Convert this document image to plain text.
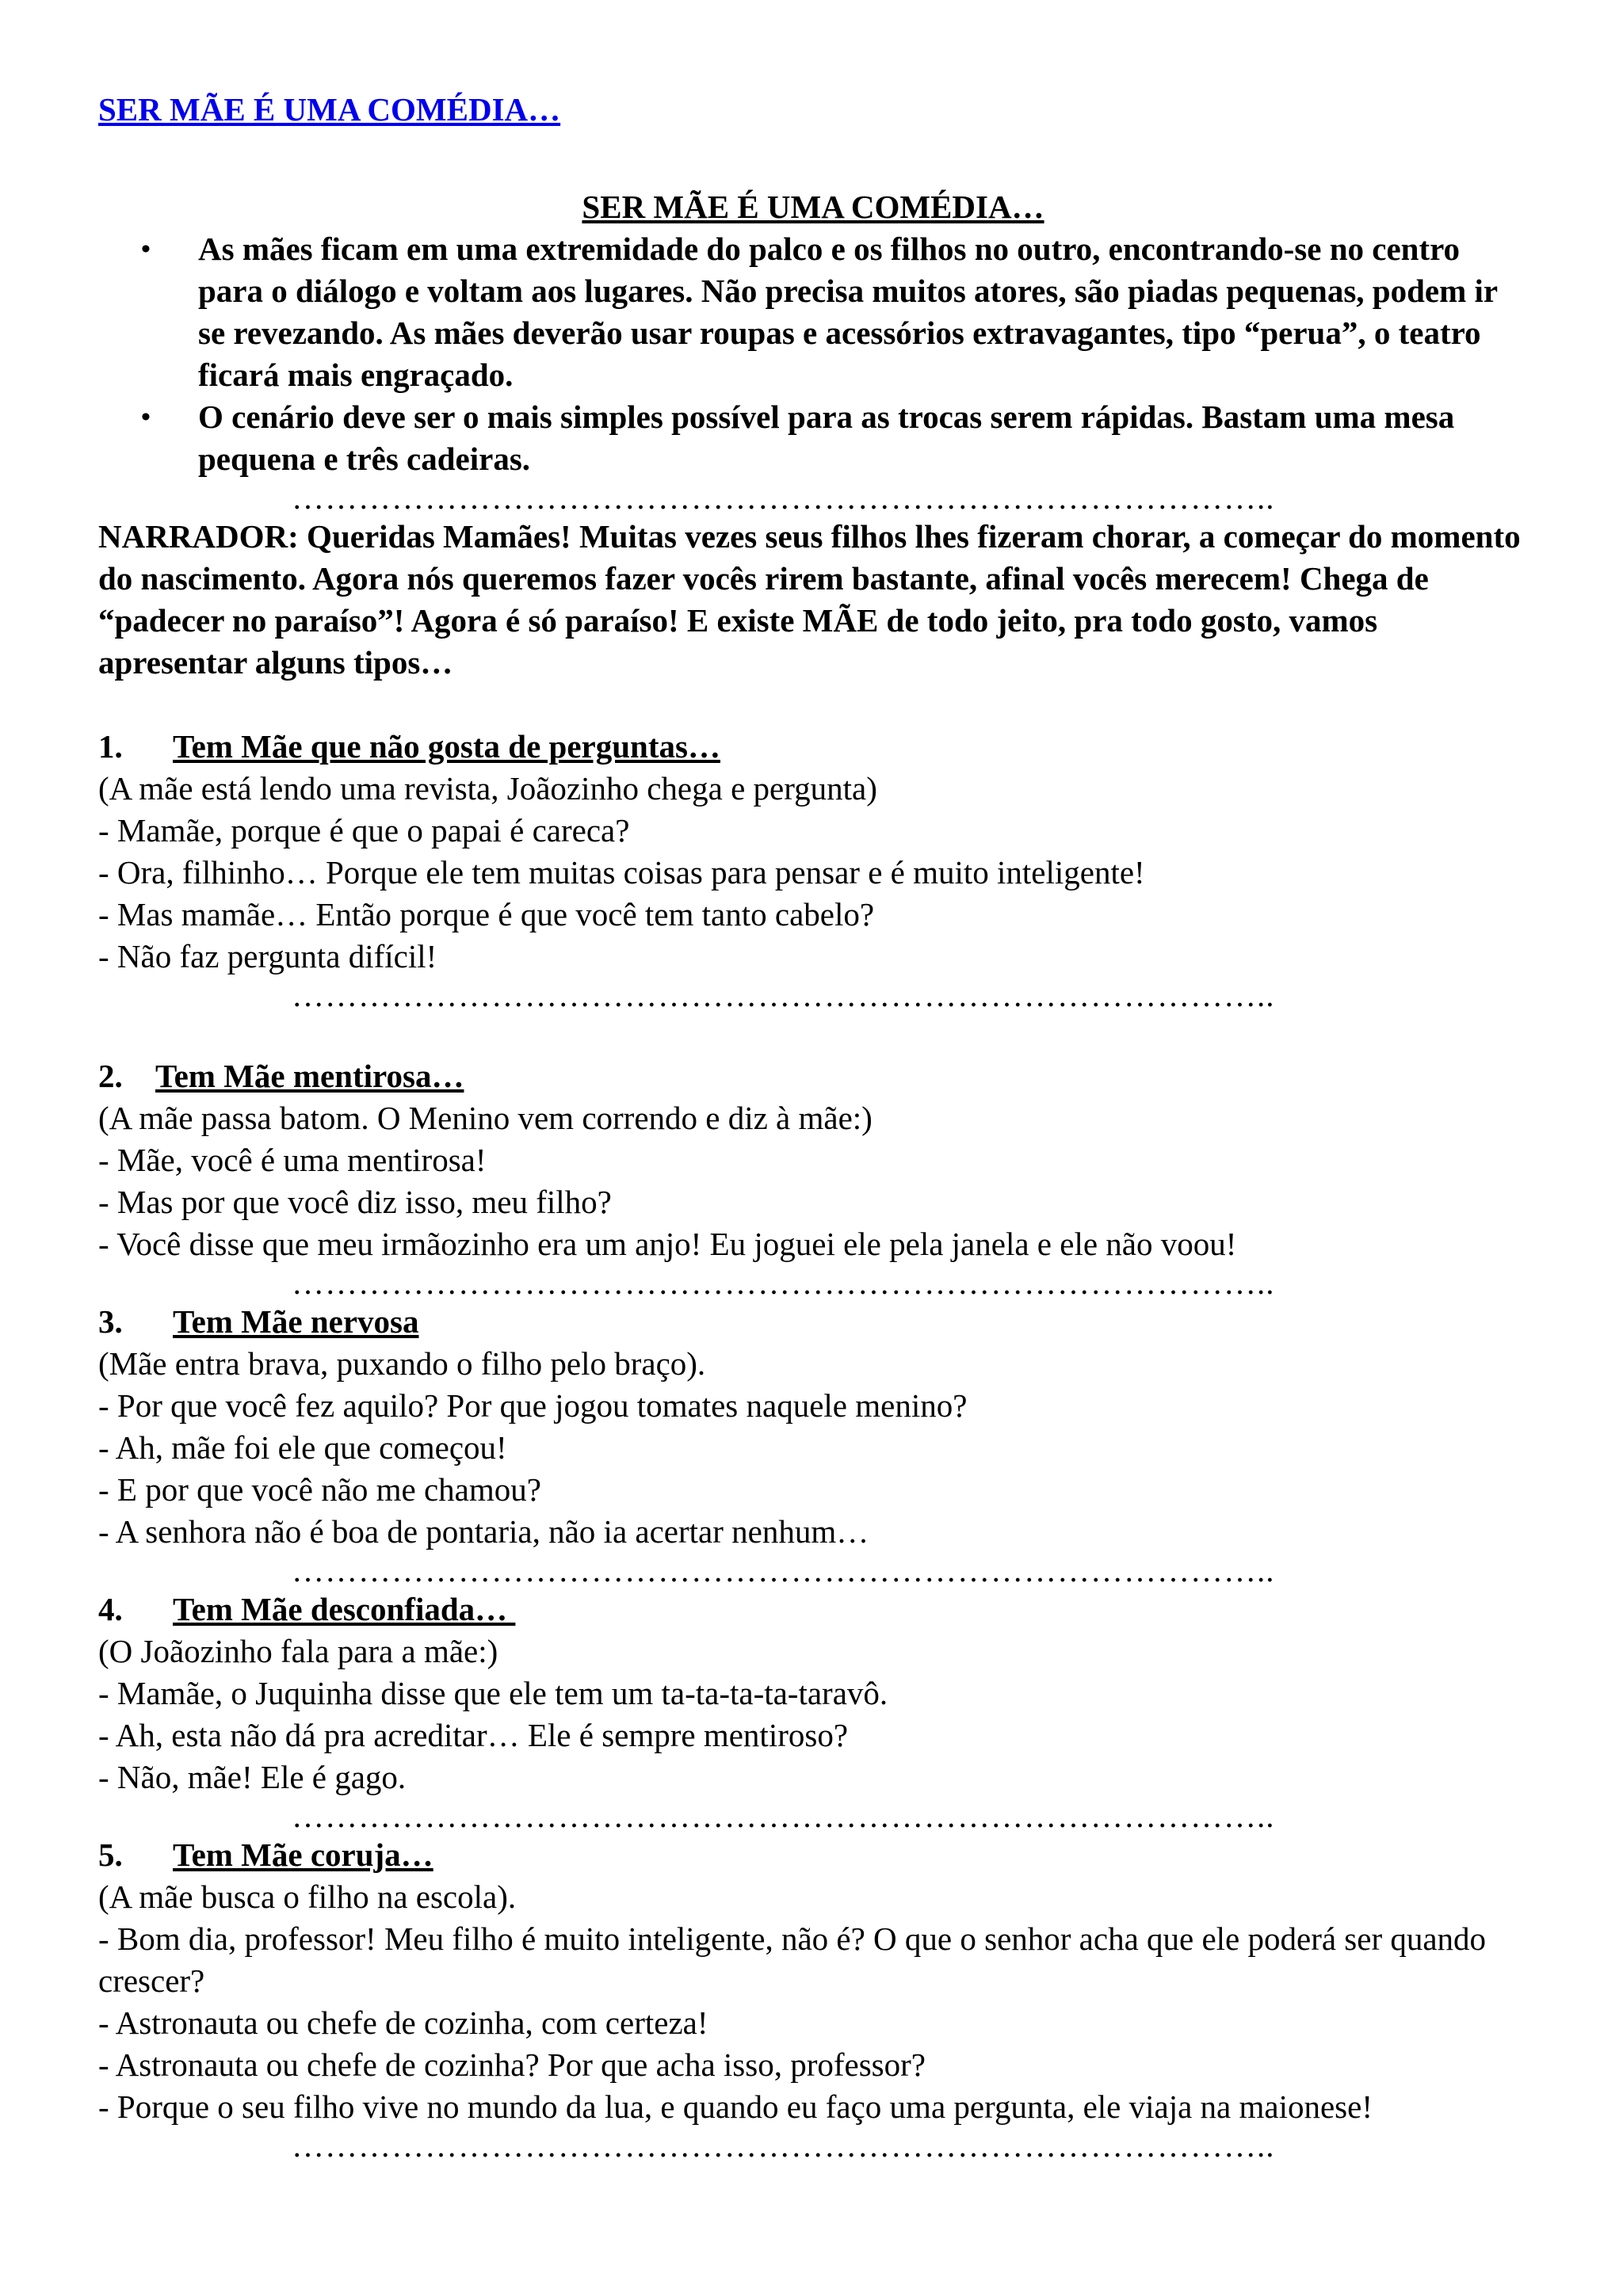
SER MÃE É UMA COMÉDIA…
SER MÃE É UMA COMÉDIA…
• As mães ficam em uma extremidade do palco e os filhos no outro, encontrando-se no centro para o diálogo e voltam aos lugares. Não precisa muitos atores, são piadas pequenas, podem ir se revezando. As mães deverão usar roupas e acessórios extravagantes, tipo “perua”, o teatro ficará mais engraçado.
• O cenário deve ser o mais simples possível para as trocas serem rápidas. Bastam uma mesa pequena e três cadeiras.

……………………………………………………………………………..

NARRADOR: Queridas Mamães! Muitas vezes seus filhos lhes fizeram chorar, a começar do momento do nascimento. Agora nós queremos fazer vocês rirem bastante, afinal vocês merecem! Chega de “padecer no paraíso”! Agora é só paraíso! E existe MÃE de todo jeito, pra todo gosto, vamos apresentar alguns tipos…

1. Tem Mãe que não gosta de perguntas…

(A mãe está lendo uma revista, Joãozinho chega e pergunta)

- Mamãe, porque é que o papai é careca?

- Ora, filhinho… Porque ele tem muitas coisas para pensar e é muito inteligente!

- Mas mamãe… Então porque é que você tem tanto cabelo?

- Não faz pergunta difícil!

……………………………………………………………………………..

2. Tem Mãe mentirosa…

(A mãe passa batom. O Menino vem correndo e diz à mãe:)

- Mãe, você é uma mentirosa!

- Mas por que você diz isso, meu filho?

- Você disse que meu irmãozinho era um anjo! Eu joguei ele pela janela e ele não voou!

……………………………………………………………………………..

3. Tem Mãe nervosa

(Mãe entra brava, puxando o filho pelo braço).

- Por que você fez aquilo? Por que jogou tomates naquele menino?

- Ah, mãe foi ele que começou!

- E por que você não me chamou?

- A senhora não é boa de pontaria, não ia acertar nenhum…

……………………………………………………………………………..

4. Tem Mãe desconfiada…

(O Joãozinho fala para a mãe:)

- Mamãe, o Juquinha disse que ele tem um ta-ta-ta-ta-taravô.

- Ah, esta não dá pra acreditar… Ele é sempre mentiroso?

- Não, mãe! Ele é gago.

……………………………………………………………………………..

5. Tem Mãe coruja…

(A mãe busca o filho na escola).

- Bom dia, professor! Meu filho é muito inteligente, não é? O que o senhor acha que ele poderá ser quando crescer?

- Astronauta ou chefe de cozinha, com certeza!

- Astronauta ou chefe de cozinha? Por que acha isso, professor?

- Porque o seu filho vive no mundo da lua, e quando eu faço uma pergunta, ele viaja na maionese!

……………………………………………………………………………..
